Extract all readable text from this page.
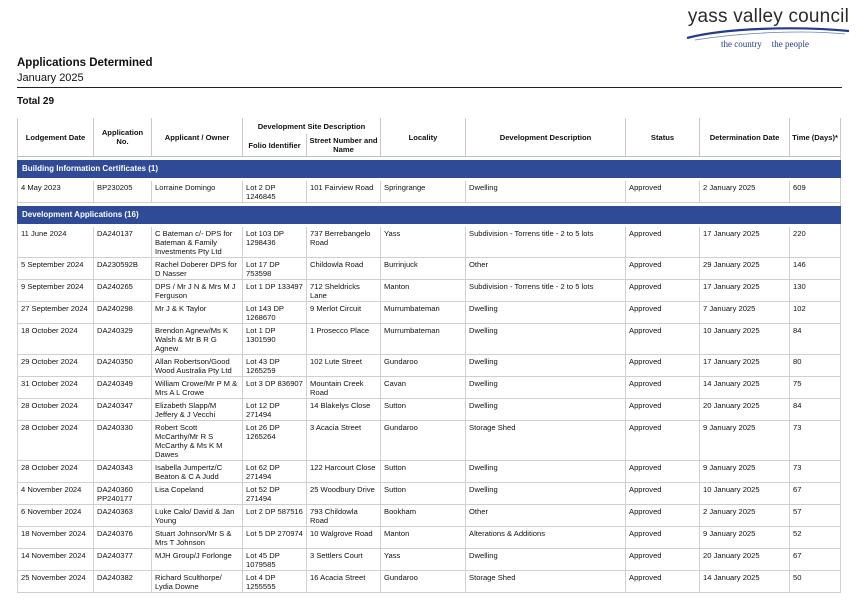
yass valley council
the country the people
Applications Determined
January 2025
Total 29
Lodgement Date	Application No.	Applicant / Owner	Development Site Description		Locality	Development Description	Status	Determination Date	Time (Days)*
			Folio Identifier	Street Number and Name					

Building Information Certificates (1)									

4 May 2023	BP230205	Lorraine Domingo	Lot 2 DP 1246845	101 Fairview Road	Springrange	Dwelling	Approved	2 January 2025	609

Development Applications (16)									

11 June 2024	DA240137	C Bateman c/- DPS for Bateman & Family Investments Pty Ltd	Lot 103 DP 1298436	737 Berrebangelo Road	Yass	Subdivision - Torrens title - 2 to 5 lots	Approved	17 January 2025	220
5 September 2024	DA230592B	Rachel Doberer DPS for D Nasser	Lot 17 DP 753598	Childowla Road	Burrinjuck	Other	Approved	29 January 2025	146
9 September 2024	DA240265	DPS / Mr J N & Mrs M J Ferguson	Lot 1 DP 133497	712 Sheldricks Lane	Manton	Subdivision - Torrens title - 2 to 5 lots	Approved	17 January 2025	130
27 September 2024	DA240298	Mr J & K Taylor	Lot 143 DP 1268670	9 Merlot Circuit	Murrumbateman	Dwelling	Approved	7 January 2025	102
18 October 2024	DA240329	Brendon Agnew/Ms K Walsh & Mr B R G Agnew	Lot 1 DP 1301590	1 Prosecco Place	Murrumbateman	Dwelling	Approved	10 January 2025	84
29 October 2024	DA240350	Allan Robertson/Good Wood Australia Pty Ltd	Lot 43 DP 1265259	102 Lute Street	Gundaroo	Dwelling	Approved	17 January 2025	80
31 October 2024	DA240349	William Crowe/Mr P M & Mrs A L Crowe	Lot 3 DP 836907	Mountain Creek Road	Cavan	Dwelling	Approved	14 January 2025	75
28 October 2024	DA240347	Elizabeth Slapp/M Jeffery & J Vecchi	Lot 12 DP 271494	14 Blakelys Close	Sutton	Dwelling	Approved	20 January 2025	84
28 October 2024	DA240330	Robert Scott McCarthy/Mr R S McCarthy & Ms K M Dawes	Lot 26 DP 1265264	3 Acacia Street	Gundaroo	Storage Shed	Approved	9 January 2025	73
28 October 2024	DA240343	Isabella Jumpertz/C Beaton & C A Judd	Lot 62 DP 271494	122 Harcourt Close	Sutton	Dwelling	Approved	9 January 2025	73
4 November 2024	DA240360 PP240177	Lisa Copeland	Lot 52 DP 271494	25 Woodbury Drive	Sutton	Dwelling	Approved	10 January 2025	67
6 November 2024	DA240363	Luke Calo/ David & Jan Young	Lot 2 DP 587516	793 Childowla Road	Bookham	Other	Approved	2 January 2025	57
18 November 2024	DA240376	Stuart Johnson/Mr S & Mrs T Johnson	Lot 5 DP 270974	10 Walgrove Road	Manton	Alterations & Additions	Approved	9 January 2025	52
14 November 2024	DA240377	MJH Group/J Forlonge	Lot 45 DP 1079585	3 Settlers Court	Yass	Dwelling	Approved	20 January 2025	67
25 November 2024	DA240382	Richard Sculthorpe/ Lydia Downe	Lot 4 DP 1255555	16 Acacia Street	Gundaroo	Storage Shed	Approved	14 January 2025	50
